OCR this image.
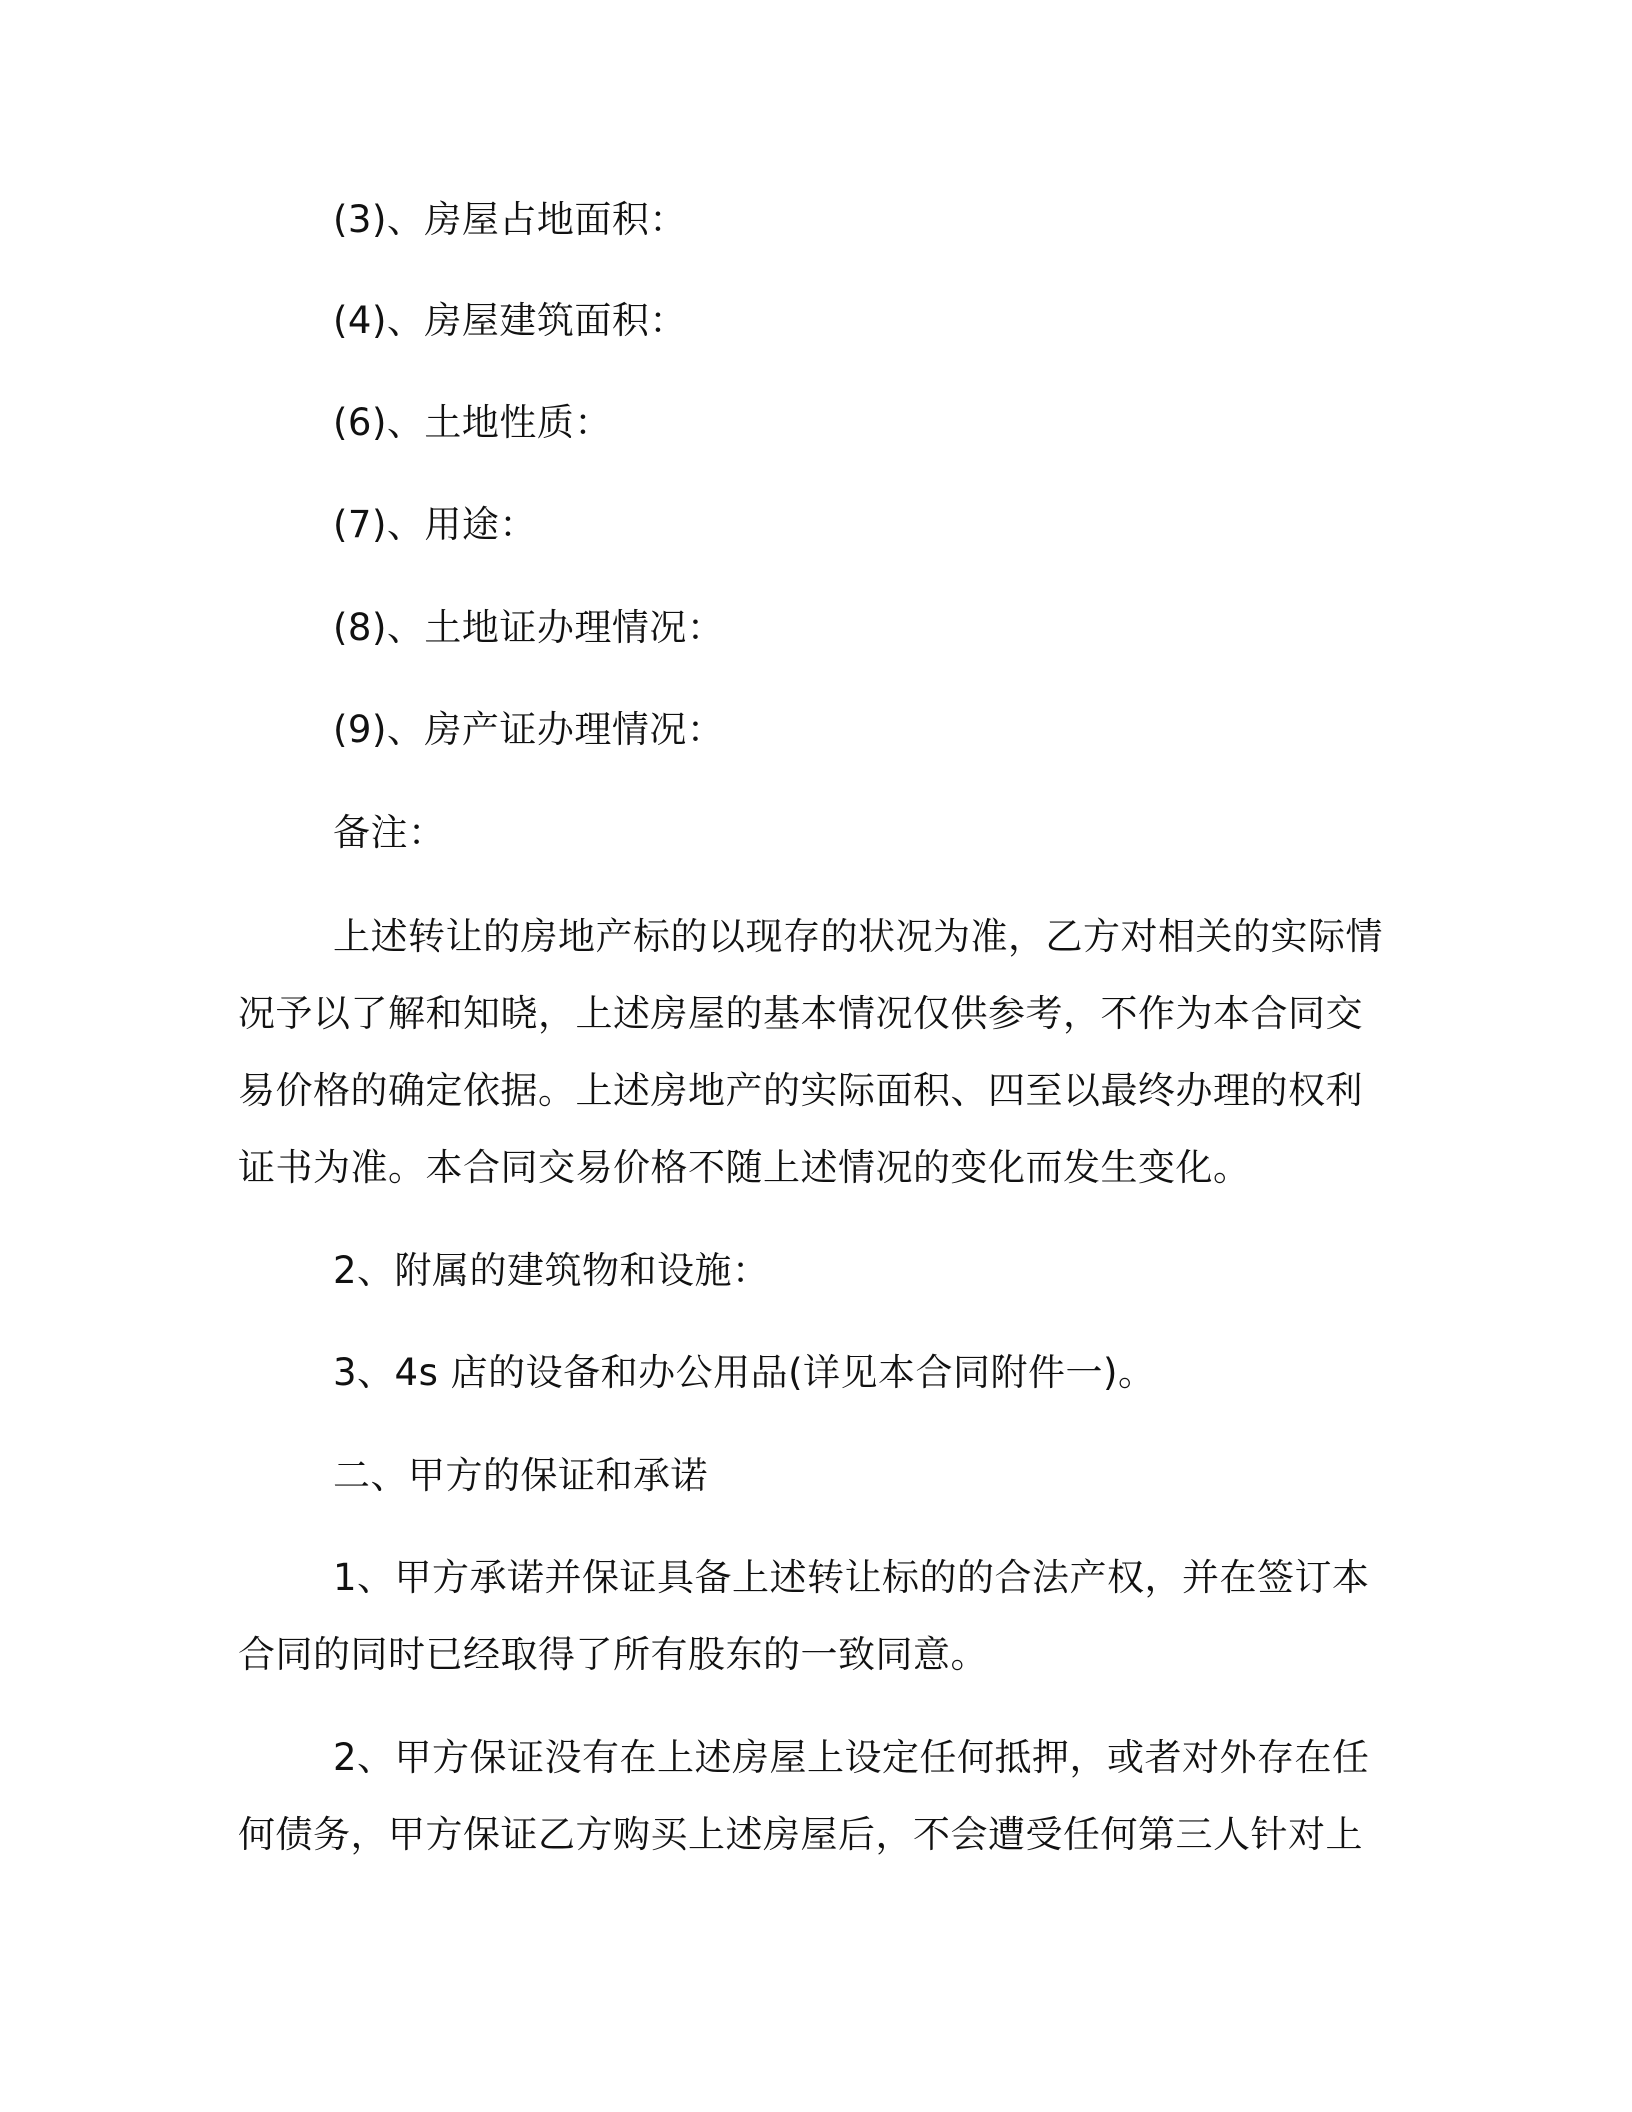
(3)、房屋占地面积：

(4)、房屋建筑面积：

(6)、土地性质：

(7)、用途：

(8)、土地证办理情况：

(9)、房产证办理情况：

备注：

上述转让的房地产标的以现存的状况为准，乙方对相关的实际情

况予以了解和知晓，上述房屋的基本情况仅供参考，不作为本合同交

易价格的确定依据。上述房地产的实际面积、四至以最终办理的权利

证书为准。本合同交易价格不随上述情况的变化而发生变化。

2、附属的建筑物和设施：

3、4s 店的设备和办公用品(详见本合同附件一)。

二、甲方的保证和承诺

1、甲方承诺并保证具备上述转让标的的合法产权，并在签订本

合同的同时已经取得了所有股东的一致同意。

2、甲方保证没有在上述房屋上设定任何抵押，或者对外存在任

何债务，甲方保证乙方购买上述房屋后，不会遭受任何第三人针对上
